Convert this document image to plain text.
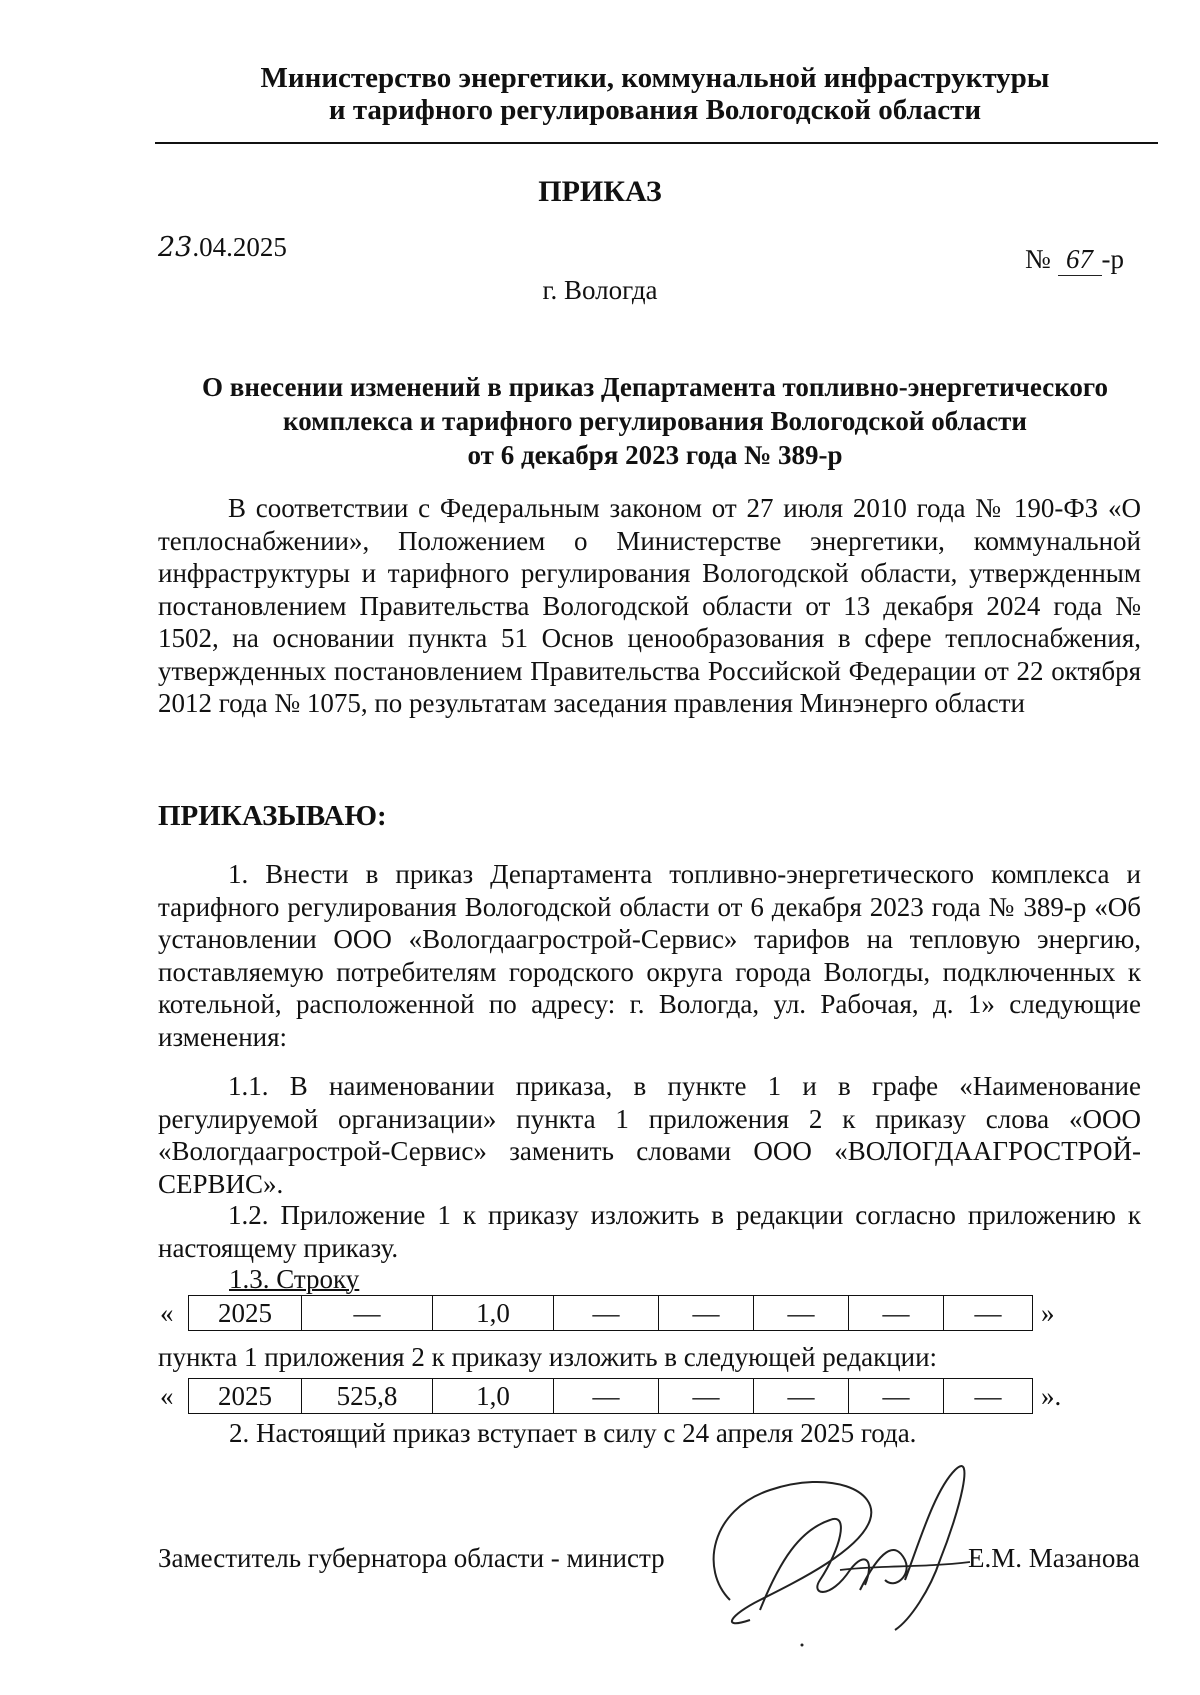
Министерство энергетики, коммунальной инфраструктуры
и тарифного регулирования Вологодской области
ПРИКАЗ
23.04.2025	№ 67 -р
г. Вологда
О внесении изменений в приказ Департамента топливно-энергетического
комплекса и тарифного регулирования Вологодской области
от 6 декабря 2023 года № 389-р

В соответствии с Федеральным законом от 27 июля 2010 года № 190-ФЗ «О теплоснабжении», Положением о Министерстве энергетики, коммунальной инфраструктуры и тарифного регулирования Вологодской области, утвержденным постановлением Правительства Вологодской области от 13 декабря 2024 года № 1502, на основании пункта 51 Основ ценообразования в сфере теплоснабжения, утвержденных постановлением Правительства Российской Федерации от 22 октября 2012 года № 1075, по результатам заседания правления Минэнерго области

ПРИКАЗЫВАЮ:

1. Внести в приказ Департамента топливно-энергетического комплекса и тарифного регулирования Вологодской области от 6 декабря 2023 года № 389-р «Об установлении ООО «Вологдаагрострой-Сервис» тарифов на тепловую энергию, поставляемую потребителям городского округа города Вологды, подключенных к котельной, расположенной по адресу: г. Вологда, ул. Рабочая, д. 1» следующие изменения:

1.1. В наименовании приказа, в пункте 1 и в графе «Наименование регулируемой организации» пункта 1 приложения 2 к приказу слова «ООО «Вологдаагрострой-Сервис» заменить словами ООО «ВОЛОГДААГРОСТРОЙ-СЕРВИС».

1.2. Приложение 1 к приказу изложить в редакции согласно приложению к настоящему приказу.

1.3. Строку
« 2025	—	1,0	—	—	—	—	— »
пункта 1 приложения 2 к приказу изложить в следующей редакции:
« 2025	525,8	1,0	—	—	—	—	— ».
2. Настоящий приказ вступает в силу с 24 апреля 2025 года.
Заместитель губернатора области - министр	Е.М. Мазанова
